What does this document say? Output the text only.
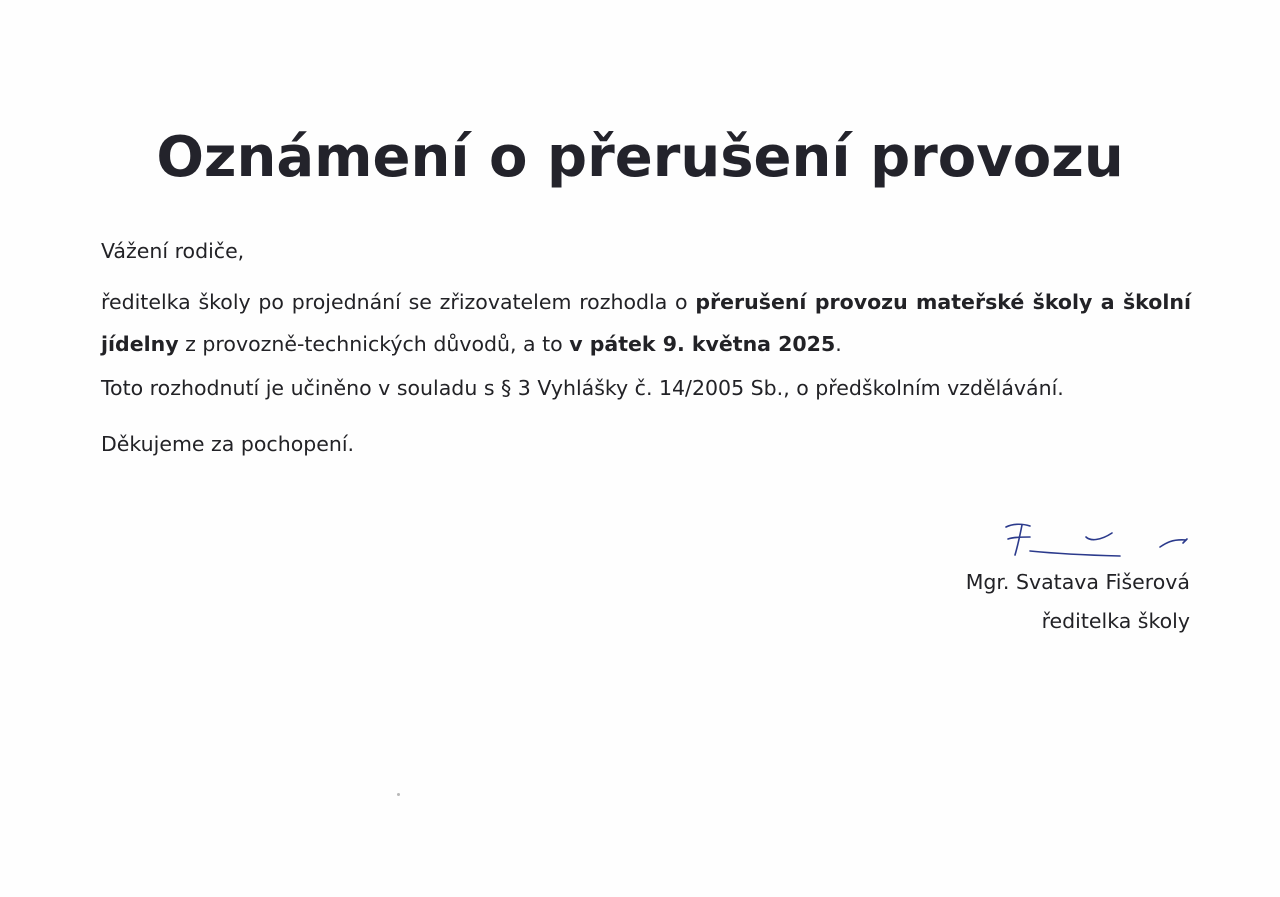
Oznámení o přerušení provozu

Vážení rodiče,

ředitelka školy po projednání se zřizovatelem rozhodla o přerušení provozu mateřské školy a školní jídelny z provozně-technických důvodů, a to v pátek 9. května 2025.

Toto rozhodnutí je učiněno v souladu s § 3 Vyhlášky č. 14/2005 Sb., o předškolním vzdělávání.

Děkujeme za pochopení.

Mgr. Svatava Fišerová

ředitelka školy
